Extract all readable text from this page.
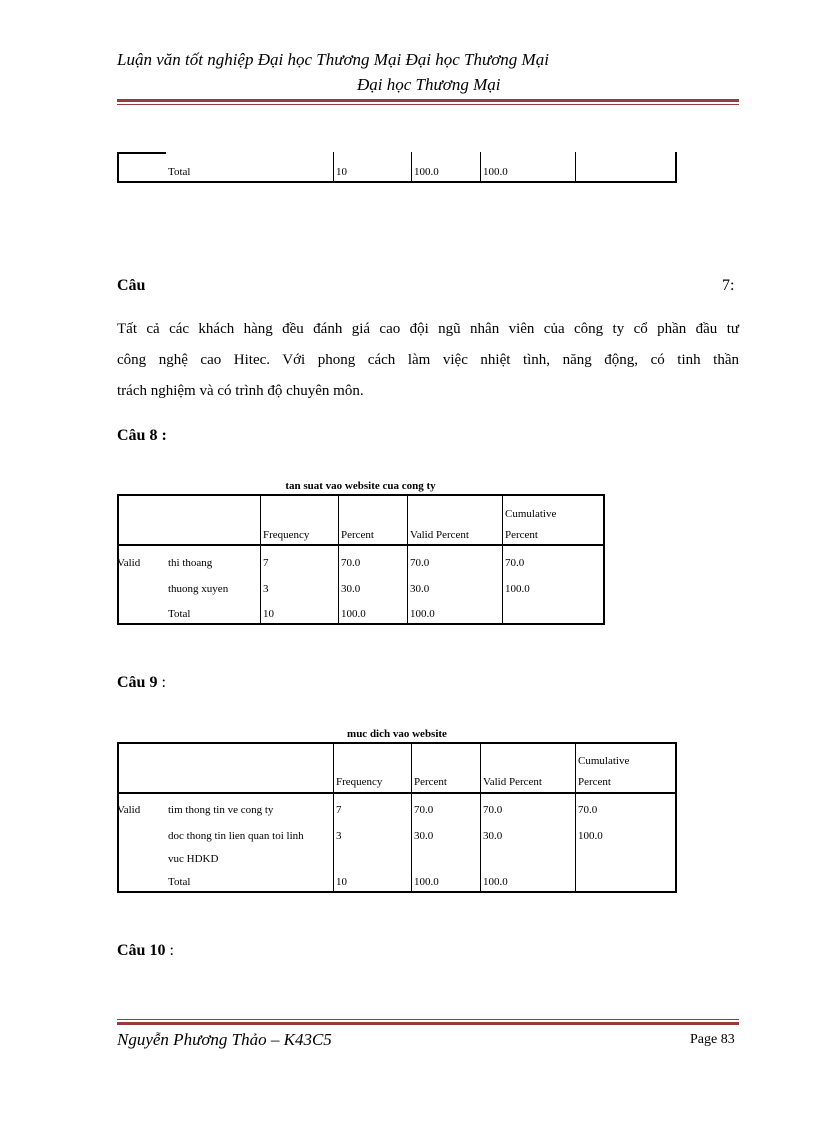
Luận văn tốt nghiệp Đại học Thương Mại Đại học Thương Mại
Đại học Thương Mại
Total	10	100.0	100.0
Câu	7:
Tất cả các khách hàng đều đánh giá cao đội ngũ nhân viên của công ty cổ phần đầu tư
công nghệ cao Hitec. Với phong cách làm việc nhiệt tình, năng động, có tinh thần
trách nghiệm và có trình độ chuyên môn.
Câu 8 :
tan suat vao website cua cong ty
Frequency	Percent	Valid Percent
Cumulative
Percent
Valid	thi thoang	7	70.0	70.0	70.0
thuong xuyen	3	30.0	30.0	100.0
Total	10	100.0	100.0
Câu 9 :
muc dich vao website
Frequency	Percent	Valid Percent
Cumulative
Percent
Valid	tim thong tin ve cong ty	7	70.0	70.0	70.0
doc thong tin lien quan toi linh
vuc HDKD
3	30.0	30.0	100.0
Total	10	100.0	100.0
Câu 10 :
Nguyễn Phương Thảo – K43C5	Page 83
